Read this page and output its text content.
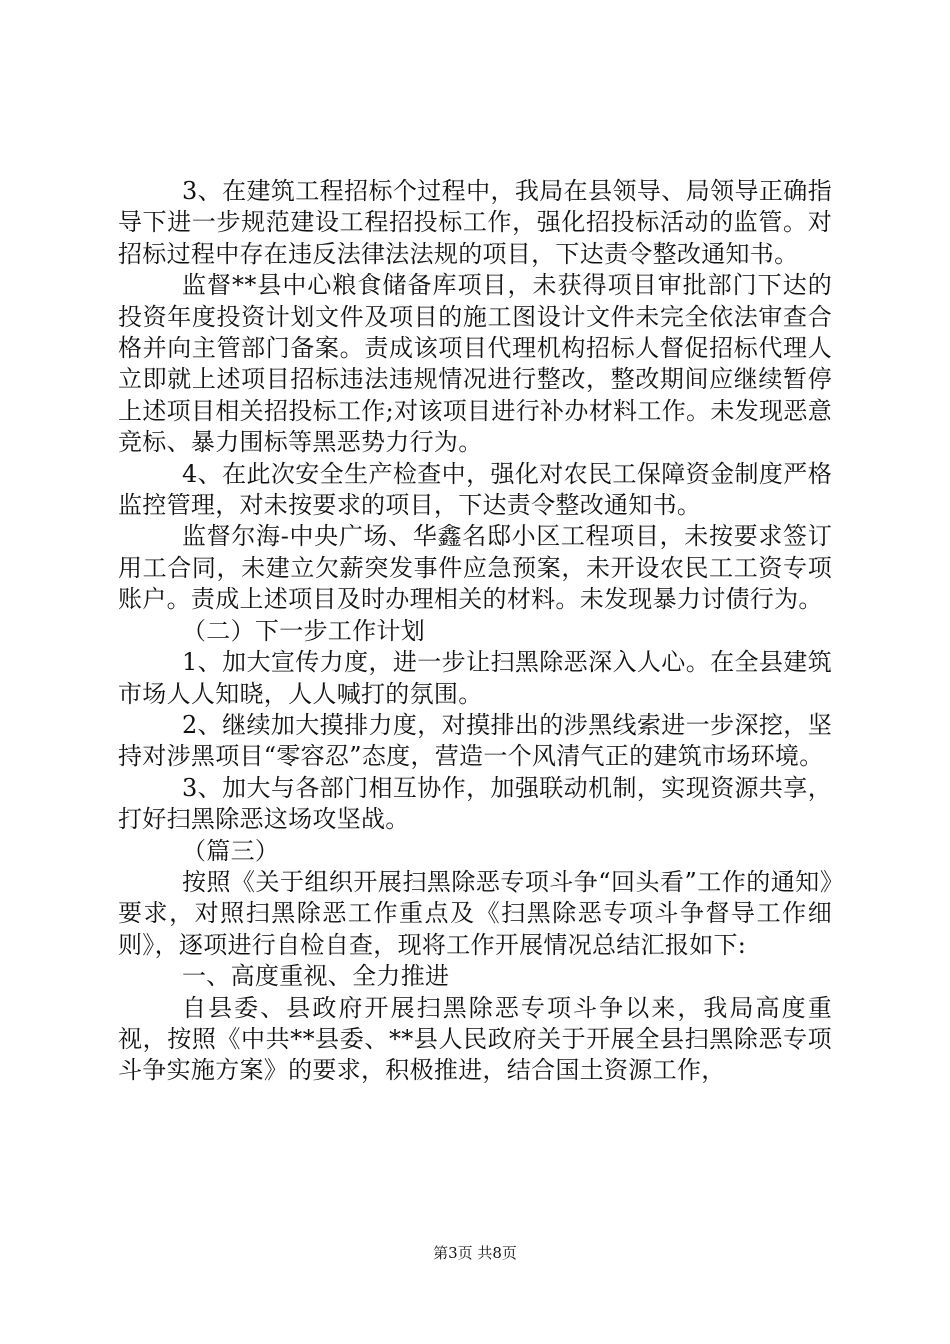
3、在建筑工程招标个过程中，我局在县领导、局领导正确指导下进一步规范建设工程招投标工作，强化招投标活动的监管。对招标过程中存在违反法律法法规的项目，下达责令整改通知书。

监督**县中心粮食储备库项目，未获得项目审批部门下达的投资年度投资计划文件及项目的施工图设计文件未完全依法审查合格并向主管部门备案。责成该项目代理机构招标人督促招标代理人立即就上述项目招标违法违规情况进行整改，整改期间应继续暂停上述项目相关招投标工作;对该项目进行补办材料工作。未发现恶意竞标、暴力围标等黑恶势力行为。

4、在此次安全生产检查中，强化对农民工保障资金制度严格监控管理，对未按要求的项目，下达责令整改通知书。

监督尔海-中央广场、华鑫名邸小区工程项目，未按要求签订用工合同，未建立欠薪突发事件应急预案，未开设农民工工资专项账户。责成上述项目及时办理相关的材料。未发现暴力讨债行为。

（二）下一步工作计划

1、加大宣传力度，进一步让扫黑除恶深入人心。在全县建筑市场人人知晓，人人喊打的氛围。

2、继续加大摸排力度，对摸排出的涉黑线索进一步深挖，坚持对涉黑项目“零容忍”态度，营造一个风清气正的建筑市场环境。

3、加大与各部门相互协作，加强联动机制，实现资源共享，打好扫黑除恶这场攻坚战。

（篇三）

按照《关于组织开展扫黑除恶专项斗争“回头看”工作的通知》要求，对照扫黑除恶工作重点及《扫黑除恶专项斗争督导工作细则》，逐项进行自检自查，现将工作开展情况总结汇报如下:

一、高度重视、全力推进

自县委、县政府开展扫黑除恶专项斗争以来，我局高度重视，按照《中共**县委、**县人民政府关于开展全县扫黑除恶专项斗争实施方案》的要求，积极推进，结合国土资源工作，

第3页 共8页
